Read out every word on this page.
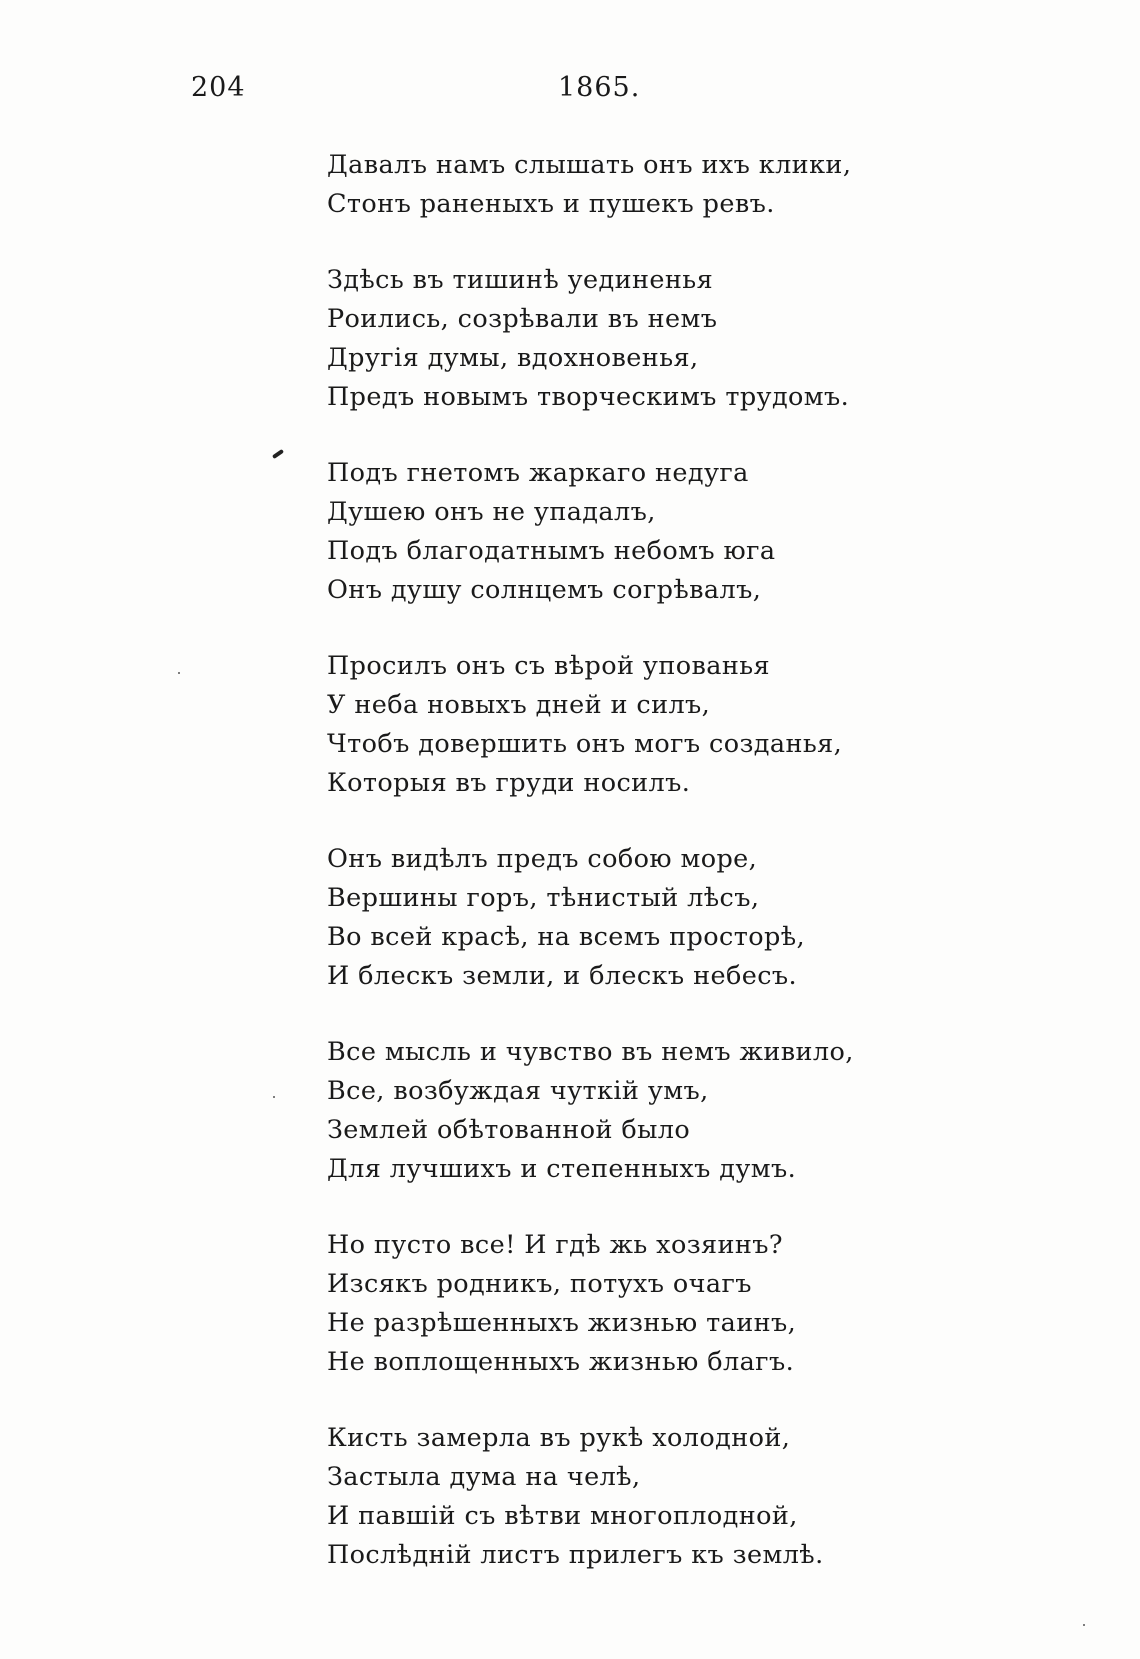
204	1865.
Давалъ намъ слышать онъ ихъ клики,
Стонъ раненыхъ и пушекъ ревъ.
Здѣсь въ тишинѣ уединенья
Роились, созрѣвали въ немъ
Другія думы, вдохновенья,
Предъ новымъ творческимъ трудомъ.
Подъ гнетомъ жаркаго недуга
Душею онъ не упадалъ,
Подъ благодатнымъ небомъ юга
Онъ душу солнцемъ согрѣвалъ,
Просилъ онъ съ вѣрой упованья
У неба новыхъ дней и силъ,
Чтобъ довершить онъ могъ созданья,
Которыя въ груди носилъ.
Онъ видѣлъ предъ собою море,
Вершины горъ, тѣнистый лѣсъ,
Во всей красѣ, на всемъ просторѣ,
И блескъ земли, и блескъ небесъ.
Все мысль и чувство въ немъ живило,
Все, возбуждая чуткій умъ,
Землей обѣтованной было
Для лучшихъ и степенныхъ думъ.
Но пусто все! И гдѣ жь хозяинъ?
Изсякъ родникъ, потухъ очагъ
Не разрѣшенныхъ жизнью таинъ,
Не воплощенныхъ жизнью благъ.
Кисть замерла въ рукѣ холодной,
Застыла дума на челѣ,
И павшій съ вѣтви многоплодной,
Послѣдній листъ прилегъ къ землѣ.
